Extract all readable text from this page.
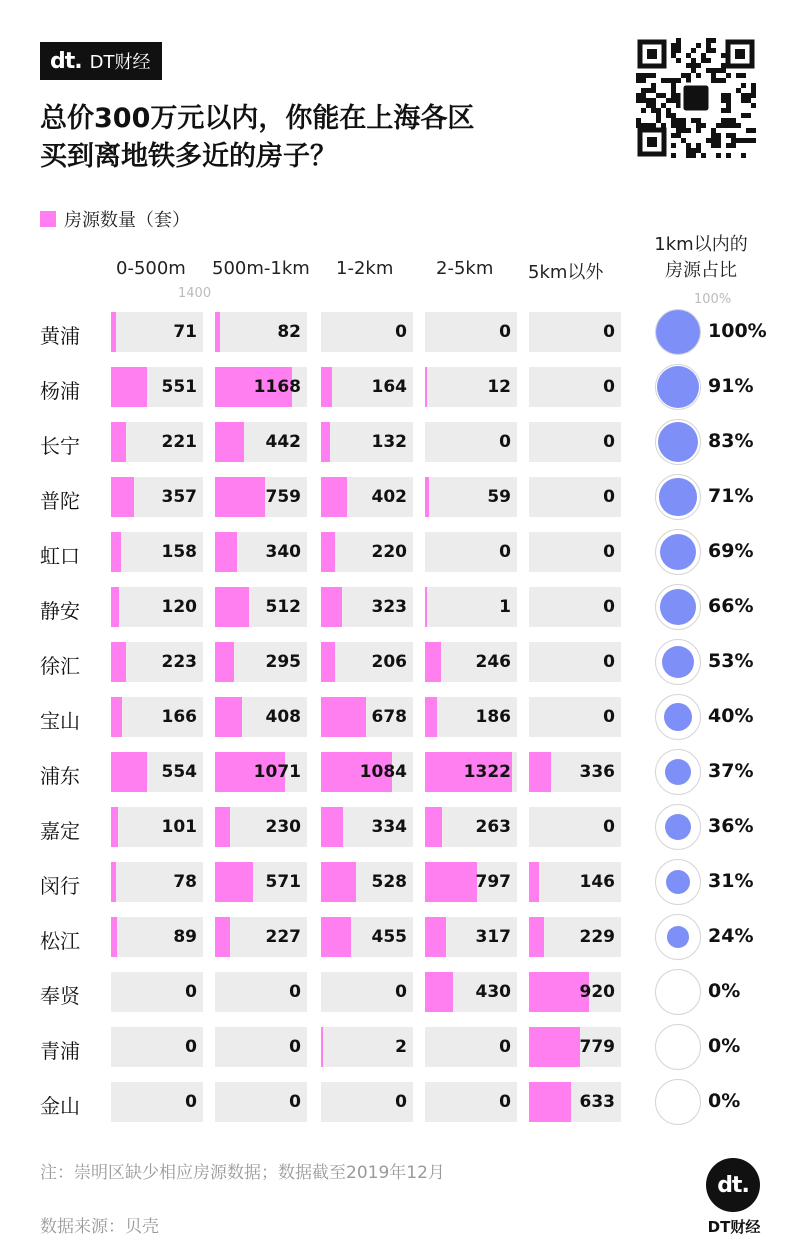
dt. DT财经
总价300万元以内，你能在上海各区
买到离地铁多近的房子？
房源数量（套）
0-500m 500m-1km 1-2km 2-5km 5km以外
1km以内的
房源占比
1400	100%
黄浦	71	82	0	0	0	100%
杨浦	551	1168	164	12	0	91%
长宁	221	442	132	0	0	83%
普陀	357	759	402	59	0	71%
虹口	158	340	220	0	0	69%
静安	120	512	323	1	0	66%
徐汇	223	295	206	246	0	53%
宝山	166	408	678	186	0	40%
浦东	554	1071	1084	1322	336	37%
嘉定	101	230	334	263	0	36%
闵行	78	571	528	797	146	31%
松江	89	227	455	317	229	24%
奉贤	0	0	0	430	920	0%
青浦	0	0	2	0	779	0%
金山	0	0	0	0	633	0%
注：崇明区缺少相应房源数据；数据截至2019年12月
数据来源：贝壳
dt.
DT财经
